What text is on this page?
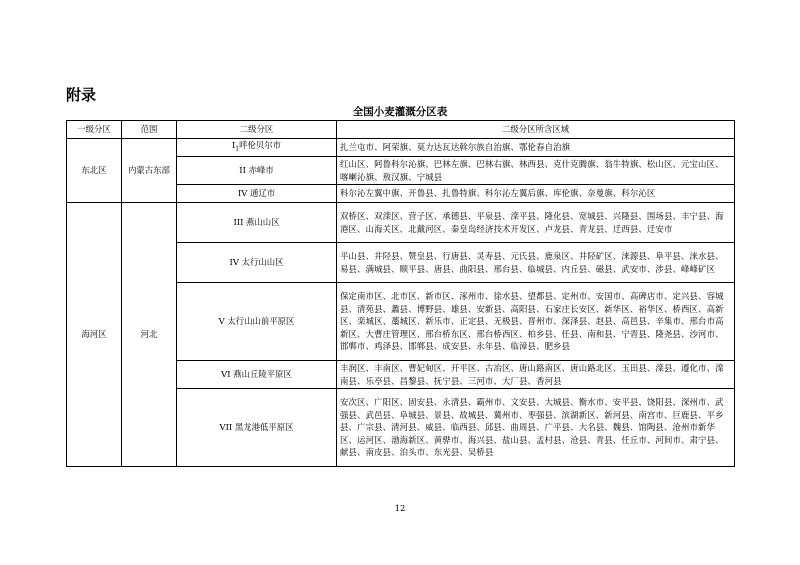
附录
全国小麦灌溉分区表
一级分区	范围	二级分区	二级分区所含区域
东北区	内蒙古东部	$I_1$呼伦贝尔市	扎兰屯市、阿荣旗、莫力达瓦达斡尔族自治旗、鄂伦春自治旗
		II 赤峰市	红山区、阿鲁科尔沁旗、巴林左旗、巴林右旗、林西县、克什克腾旗、翁牛特旗、松山区、元宝山区、喀喇沁旗、敖汉旗、宁城县
		IV 通辽市	科尔沁左翼中旗、开鲁县、扎鲁特旗、科尔沁左翼后旗、库伦旗、奈曼旗、科尔沁区
海河区	河北	III 燕山山区	双桥区、双滦区、营子区、承德县、平泉县、滦平县、隆化县、宽城县、兴隆县、围场县、丰宁县、海港区、山海关区、北戴河区、秦皇岛经济技术开发区、卢龙县、青龙县、迁西县、迁安市
		IV 太行山山区	平山县、井陉县、赞皇县、行唐县、灵寿县、元氏县、鹿泉区、井陉矿区、涞源县、阜平县、涞水县、易县、满城县、顺平县、唐县、曲阳县、邢台县、临城县、内丘县、磁县、武安市、涉县、峰峰矿区
		V 太行山山前平原区	保定南市区、北市区、新市区、涿州市、徐水县、望都县、定州市、安国市、高碑店市、定兴县、容城县、清苑县、蠡县、博野县、雄县、安新县、高阳县、石家庄长安区、新华区、裕华区、桥西区、高新区、栾城区、藁城区、新乐市、正定县、无极县、晋州市、深泽县、赵县、高邑县、辛集市、邢台市高新区、大曹庄管理区、邢台桥东区、邢台桥西区、柏乡县、任县、南和县、宁晋县、隆尧县、沙河市、邯郸市、鸡泽县、邯郸县、成安县、永年县、临漳县、肥乡县
		VI 燕山丘陵平原区	丰润区、丰南区、曹妃甸区、开平区、古冶区、唐山路南区、唐山路北区、玉田县、滦县、遵化市、滦南县、乐亭县、昌黎县、抚宁县、三河市、大厂县、香河县
		VII 黑龙港低平原区	安次区、广阳区、固安县、永清县、霸州市、文安县、大城县、衡水市、安平县、饶阳县、深州市、武强县、武邑县、阜城县、景县、故城县、冀州市、枣强县、滨湖新区、新河县、南宫市、巨鹿县、平乡县、广宗县、清河县、威县、临西县、邱县、曲周县、广平县、大名县、魏县、馆陶县、沧州市新华区、运河区、渤海新区、黄骅市、海兴县、盐山县、孟村县、沧县、青县、任丘市、河间市、肃宁县、献县、南皮县、泊头市、东光县、吴桥县
12
